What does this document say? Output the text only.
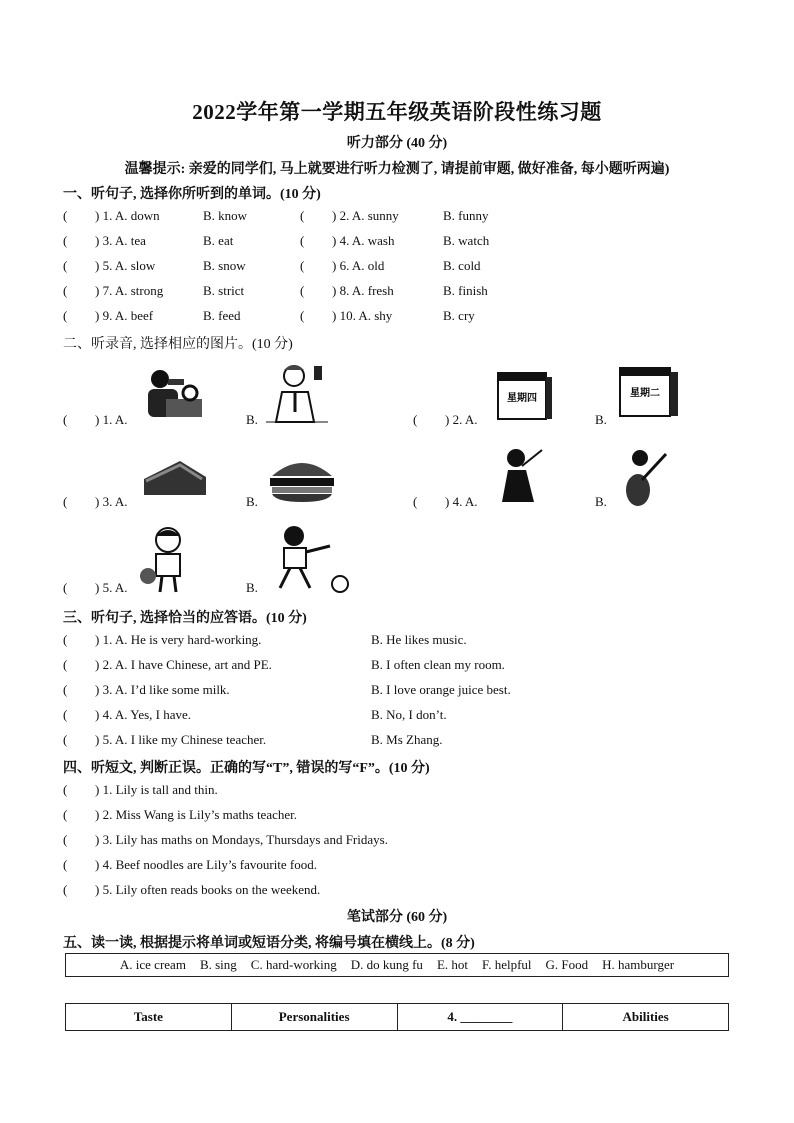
2022学年第一学期五年级英语阶段性练习题
听力部分 (40 分)
温馨提示: 亲爱的同学们, 马上就要进行听力检测了, 请提前审题, 做好准备, 每小题听两遍)
一、听句子, 选择你所听到的单词。(10 分)
( ) 1. A. down	B. know	( ) 2. A. sunny	B. funny
( ) 3. A. tea	B. eat	( ) 4. A. wash	B. watch
( ) 5. A. slow	B. snow	( ) 6. A. old	B. cold
( ) 7. A. strong	B. strict	( ) 8. A. fresh	B. finish
( ) 9. A. beef	B. feed	( ) 10. A. shy	B. cry
二、听录音, 选择相应的图片。(10 分)
( ) 1. A.	B.	( ) 2. A.	B.
( ) 3. A.	B.	( ) 4. A.	B.
( ) 5. A.	B.
星期四	星期二
三、听句子, 选择恰当的应答语。(10 分)
( ) 1. A. He is very hard-working.	B. He likes music.
( ) 2. A. I have Chinese, art and PE.	B. I often clean my room.
( ) 3. A. I’d like some milk.	B. I love orange juice best.
( ) 4. A. Yes, I have.	B. No, I don’t.
( ) 5. A. I like my Chinese teacher.	B. Ms Zhang.
四、听短文, 判断正误。正确的写“T”, 错误的写“F”。(10 分)
( ) 1. Lily is tall and thin.
( ) 2. Miss Wang is Lily’s maths teacher.
( ) 3. Lily has maths on Mondays, Thursdays and Fridays.
( ) 4. Beef noodles are Lily’s favourite food.
( ) 5. Lily often reads books on the weekend.
笔试部分 (60 分)
五、读一读, 根据提示将单词或短语分类, 将编号填在横线上。(8 分)
A. ice cream B. sing C. hard-working D. do kung fu E. hot F. helpful G. Food H. hamburger
Taste	Personalities	4. ________	Abilities
